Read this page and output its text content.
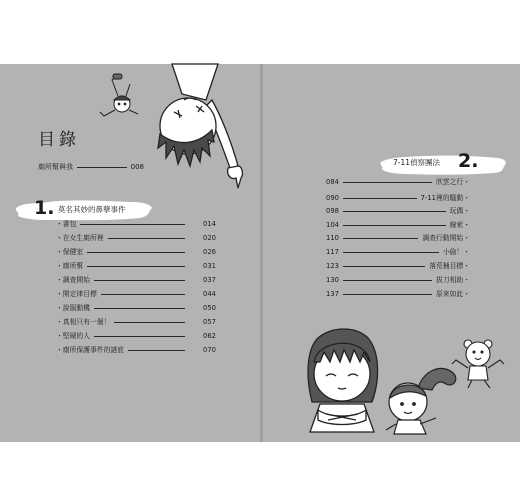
目錄
廁所幫與我	008
1. 莫名其妙的鼻孽事件
・書包	014
・在女生廁所裡	020
・保健室	026
・廁所幫	031
・調查開始	037
・開定律目標	044
・說服動機	050
・真相只有一個！	057
・堅硬的人	062
・廁所保護事件的謎底	070
7-11偵察團法 2.
084	欣雲之行・
090	7-11裡的騷動・
098	玩偶・
104	線索・
110	調查行動開始・
117	小偷！・
123	落荒桶目標・
130	拔刀相助・
137	原來如此・
